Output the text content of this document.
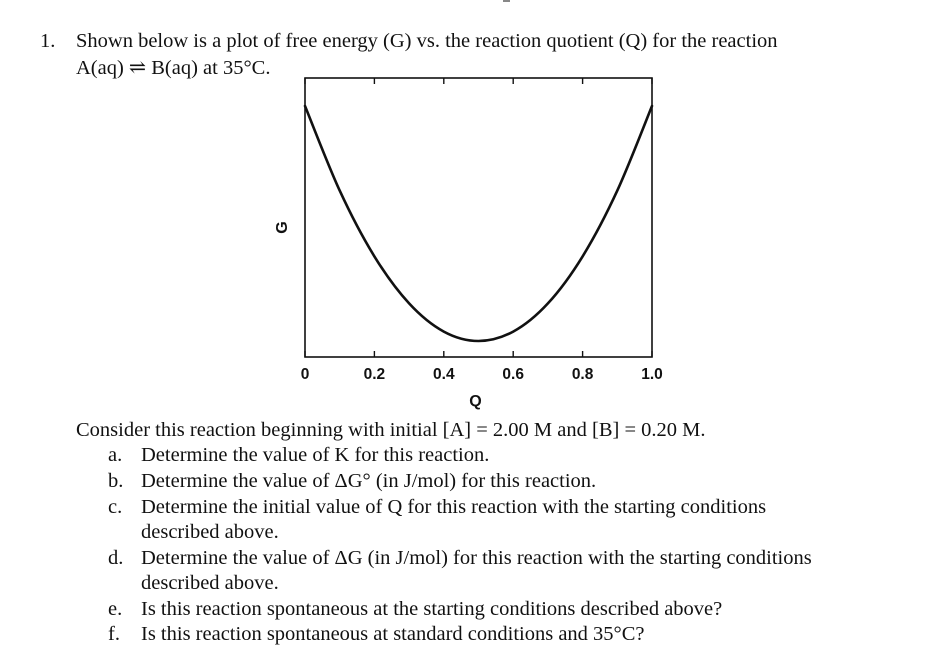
1. Shown below is a plot of free energy (G) vs. the reaction quotient (Q) for the reaction
A(aq) ⇌ B(aq) at 35°C.
0	0.2	0.4	0.6	0.8	1.0
Q
G
Consider this reaction beginning with initial [A] = 2.00 M and [B] = 0.20 M.
a. Determine the value of K for this reaction.
b. Determine the value of ΔG° (in J/mol) for this reaction.
c. Determine the initial value of Q for this reaction with the starting conditions
described above.
d. Determine the value of ΔG (in J/mol) for this reaction with the starting conditions
described above.
e. Is this reaction spontaneous at the starting conditions described above?
f. Is this reaction spontaneous at standard conditions and 35°C?
